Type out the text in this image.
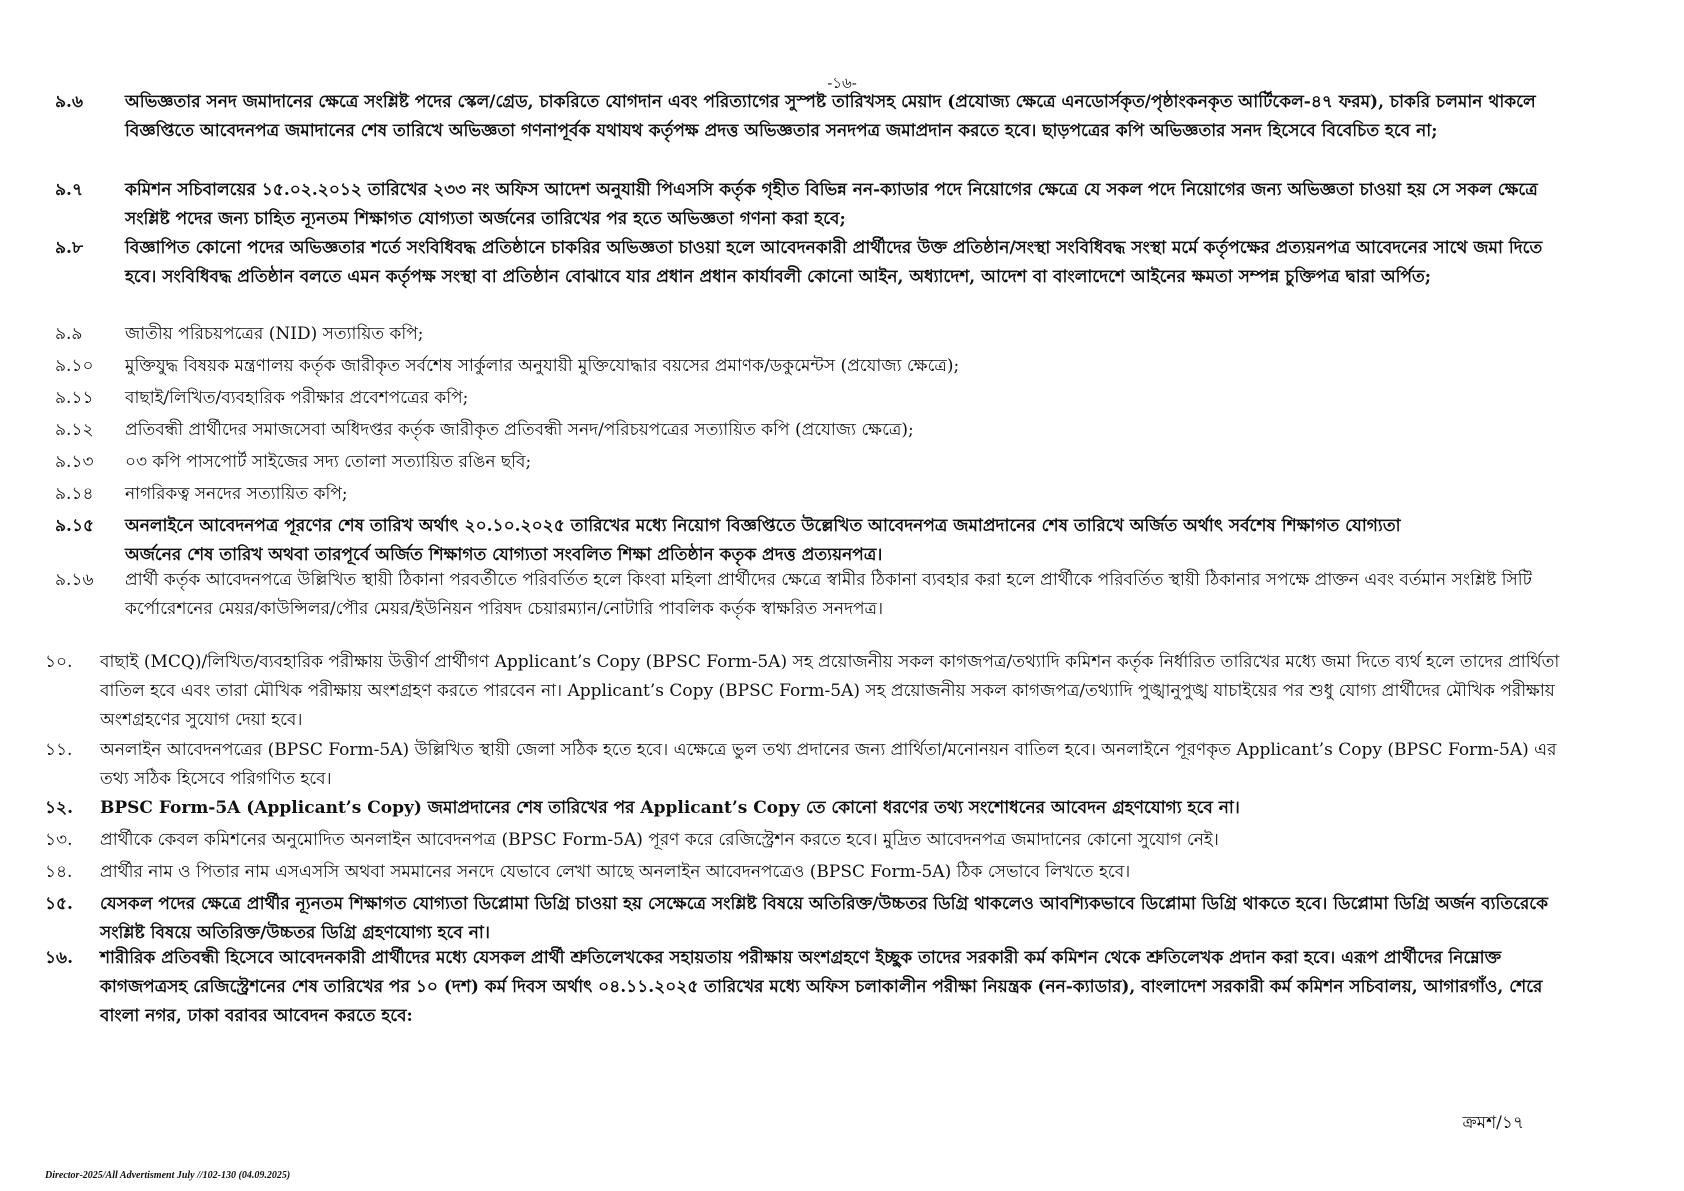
-১৬-
৯.৬	অভিজ্ঞতার সনদ জমাদানের ক্ষেত্রে সংশ্লিষ্ট পদের স্কেল/গ্রেড, চাকরিতে যোগদান এবং পরিত্যাগের সুস্পষ্ট তারিখসহ মেয়াদ (প্রযোজ্য ক্ষেত্রে এনডোর্সকৃত/পৃষ্ঠাংকনকৃত আর্টিকেল-৪৭ ফরম), চাকরি চলমান থাকলে বিজ্ঞপ্তিতে আবেদনপত্র জমাদানের শেষ তারিখে অভিজ্ঞতা গণনাপূর্বক যথাযথ কর্তৃপক্ষ প্রদত্ত অভিজ্ঞতার সনদপত্র জমাপ্রদান করতে হবে। ছাড়পত্রের কপি অভিজ্ঞতার সনদ হিসেবে বিবেচিত হবে না;
৯.৭	কমিশন সচিবালয়ের ১৫.০২.২০১২ তারিখের ২৩৩ নং অফিস আদেশ অনুযায়ী পিএসসি কর্তৃক গৃহীত বিভিন্ন নন-ক্যাডার পদে নিয়োগের ক্ষেত্রে যে সকল পদে নিয়োগের জন্য অভিজ্ঞতা চাওয়া হয় সে সকল ক্ষেত্রে সংশ্লিষ্ট পদের জন্য চাহিত ন্যূনতম শিক্ষাগত যোগ্যতা অর্জনের তারিখের পর হতে অভিজ্ঞতা গণনা করা হবে;
৯.৮	বিজ্ঞাপিত কোনো পদের অভিজ্ঞতার শর্তে সংবিধিবদ্ধ প্রতিষ্ঠানে চাকরির অভিজ্ঞতা চাওয়া হলে আবেদনকারী প্রার্থীদের উক্ত প্রতিষ্ঠান/সংস্থা সংবিধিবদ্ধ সংস্থা মর্মে কর্তৃপক্ষের প্রত্যয়নপত্র আবেদনের সাথে জমা দিতে হবে। সংবিধিবদ্ধ প্রতিষ্ঠান বলতে এমন কর্তৃপক্ষ সংস্থা বা প্রতিষ্ঠান বোঝাবে যার প্রধান প্রধান কার্যাবলী কোনো আইন, অধ্যাদেশ, আদেশ বা বাংলাদেশে আইনের ক্ষমতা সম্পন্ন চুক্তিপত্র দ্বারা অর্পিত;
৯.৯	জাতীয় পরিচয়পত্রের (NID) সত্যায়িত কপি;
৯.১০	মুক্তিযুদ্ধ বিষয়ক মন্ত্রণালয় কর্তৃক জারীকৃত সর্বশেষ সার্কুলার অনুযায়ী মুক্তিযোদ্ধার বয়সের প্রমাণক/ডকুমেন্টস (প্রযোজ্য ক্ষেত্রে);
৯.১১	বাছাই/লিখিত/ব্যবহারিক পরীক্ষার প্রবেশপত্রের কপি;
৯.১২	প্রতিবন্ধী প্রার্থীদের সমাজসেবা অধিদপ্তর কর্তৃক জারীকৃত প্রতিবন্ধী সনদ/পরিচয়পত্রের সত্যায়িত কপি (প্রযোজ্য ক্ষেত্রে);
৯.১৩	০৩ কপি পাসপোর্ট সাইজের সদ্য তোলা সত্যায়িত রঙিন ছবি;
৯.১৪	নাগরিকত্ব সনদের সত্যায়িত কপি;
৯.১৫	অনলাইনে আবেদনপত্র পূরণের শেষ তারিখ অর্থাৎ ২০.১০.২০২৫ তারিখের মধ্যে নিয়োগ বিজ্ঞপ্তিতে উল্লেখিত আবেদনপত্র জমাপ্রদানের শেষ তারিখে অর্জিত অর্থাৎ সর্বশেষ শিক্ষাগত যোগ্যতা অর্জনের শেষ তারিখ অথবা তারপূর্বে অর্জিত শিক্ষাগত যোগ্যতা সংবলিত শিক্ষা প্রতিষ্ঠান কতৃক প্রদত্ত প্রত্যয়নপত্র।
৯.১৬	প্রার্থী কর্তৃক আবেদনপত্রে উল্লিখিত স্থায়ী ঠিকানা পরবর্তীতে পরিবর্তিত হলে কিংবা মহিলা প্রার্থীদের ক্ষেত্রে স্বামীর ঠিকানা ব্যবহার করা হলে প্রার্থীকে পরিবর্তিত স্থায়ী ঠিকানার সপক্ষে প্রাক্তন এবং বর্তমান সংশ্লিষ্ট সিটি কর্পোরেশনের মেয়র/কাউন্সিলর/পৌর মেয়র/ইউনিয়ন পরিষদ চেয়ারম্যান/নোটারি পাবলিক কর্তৃক স্বাক্ষরিত সনদপত্র।
১০.	বাছাই (MCQ)/লিখিত/ব্যবহারিক পরীক্ষায় উত্তীর্ণ প্রার্থীগণ Applicant’s Copy (BPSC Form-5A) সহ প্রয়োজনীয় সকল কাগজপত্র/তথ্যাদি কমিশন কর্তৃক নির্ধারিত তারিখের মধ্যে জমা দিতে ব্যর্থ হলে তাদের প্রার্থিতা বাতিল হবে এবং তারা মৌখিক পরীক্ষায় অংশগ্রহণ করতে পারবেন না। Applicant’s Copy (BPSC Form-5A) সহ প্রয়োজনীয় সকল কাগজপত্র/তথ্যাদি পুঙ্খানুপুঙ্খ যাচাইয়ের পর শুধু যোগ্য প্রার্থীদের মৌখিক পরীক্ষায় অংশগ্রহণের সুযোগ দেয়া হবে।
১১.	অনলাইন আবেদনপত্রের (BPSC Form-5A) উল্লিখিত স্থায়ী জেলা সঠিক হতে হবে। এক্ষেত্রে ভুল তথ্য প্রদানের জন্য প্রার্থিতা/মনোনয়ন বাতিল হবে। অনলাইনে পূরণকৃত Applicant’s Copy (BPSC Form-5A) এর তথ্য সঠিক হিসেবে পরিগণিত হবে।
১২.	BPSC Form-5A (Applicant’s Copy) জমাপ্রদানের শেষ তারিখের পর Applicant’s Copy তে কোনো ধরণের তথ্য সংশোধনের আবেদন গ্রহণযোগ্য হবে না।
১৩.	প্রার্থীকে কেবল কমিশনের অনুমোদিত অনলাইন আবেদনপত্র (BPSC Form-5A) পূরণ করে রেজিস্ট্রেশন করতে হবে। মুদ্রিত আবেদনপত্র জমাদানের কোনো সুযোগ নেই।
১৪.	প্রার্থীর নাম ও পিতার নাম এসএসসি অথবা সমমানের সনদে যেভাবে লেখা আছে অনলাইন আবেদনপত্রেও (BPSC Form-5A) ঠিক সেভাবে লিখতে হবে।
১৫.	যেসকল পদের ক্ষেত্রে প্রার্থীর ন্যূনতম শিক্ষাগত যোগ্যতা ডিপ্লোমা ডিগ্রি চাওয়া হয় সেক্ষেত্রে সংশ্লিষ্ট বিষয়ে অতিরিক্ত/উচ্চতর ডিগ্রি থাকলেও আবশ্যিকভাবে ডিপ্লোমা ডিগ্রি থাকতে হবে। ডিপ্লোমা ডিগ্রি অর্জন ব্যতিরেকে সংশ্লিষ্ট বিষয়ে অতিরিক্ত/উচ্চতর ডিগ্রি গ্রহণযোগ্য হবে না।
১৬.	শারীরিক প্রতিবন্ধী হিসেবে আবেদনকারী প্রার্থীদের মধ্যে যেসকল প্রার্থী শ্রুতিলেখকের সহায়তায় পরীক্ষায় অংশগ্রহণে ইচ্ছুক তাদের সরকারী কর্ম কমিশন থেকে শ্রুতিলেখক প্রদান করা হবে। এরূপ প্রার্থীদের নিম্নোক্ত কাগজপত্রসহ রেজিস্ট্রেশনের শেষ তারিখের পর ১০ (দশ) কর্ম দিবস অর্থাৎ ০৪.১১.২০২৫ তারিখের মধ্যে অফিস চলাকালীন পরীক্ষা নিয়ন্ত্রক (নন-ক্যাডার), বাংলাদেশ সরকারী কর্ম কমিশন সচিবালয়, আগারগাঁও, শেরে বাংলা নগর, ঢাকা বরাবর আবেদন করতে হবে:
ক্রমশ/১৭
Director-2025/All Advertisment July //102-130 (04.09.2025)
